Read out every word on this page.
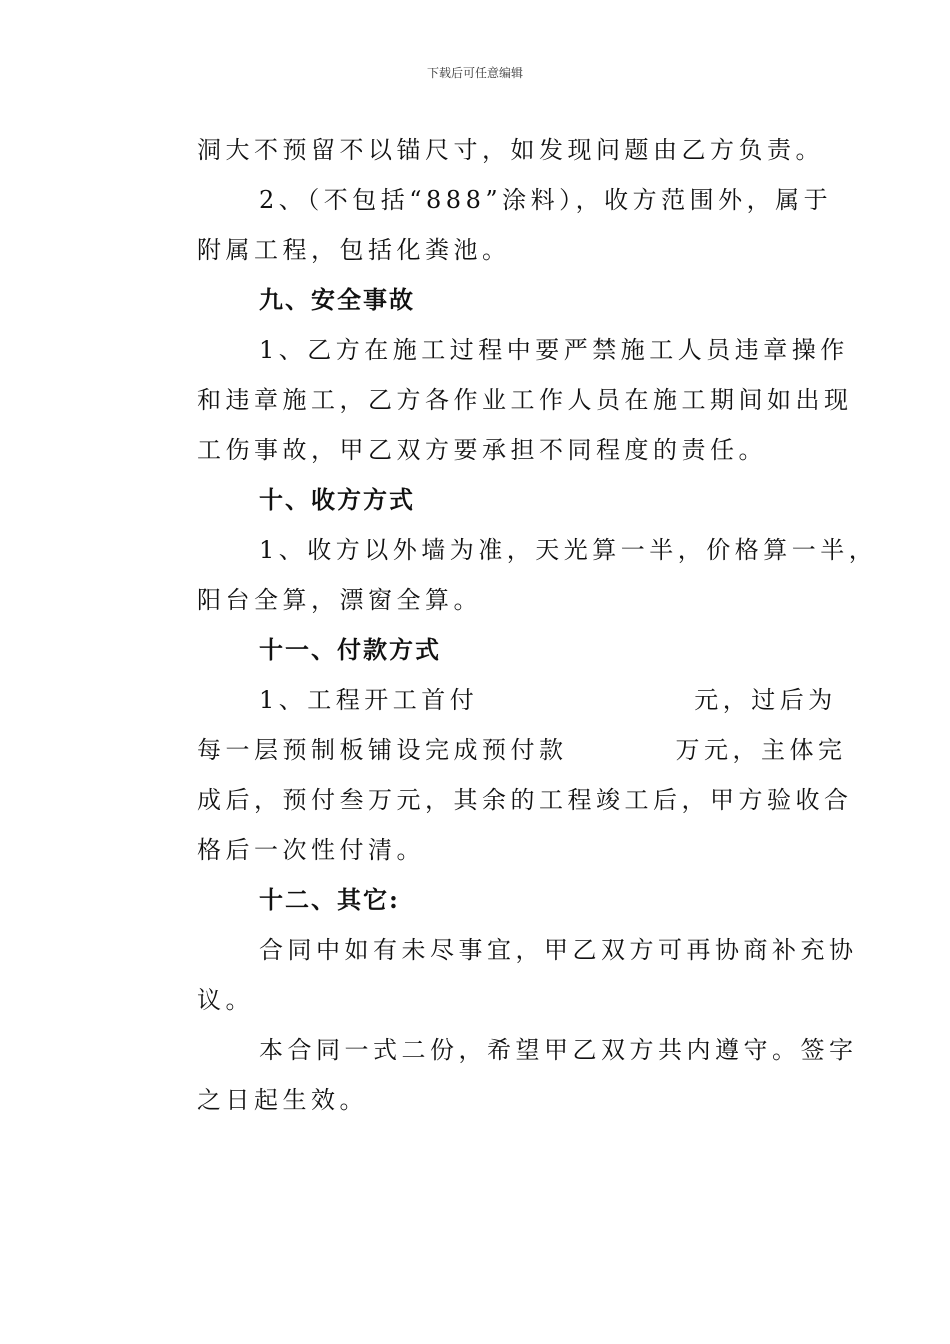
下载后可任意编辑
洞大不预留不以锚尺寸，如发现问题由乙方负责。
2、（不包括“888”涂料），收方范围外，属于
附属工程，包括化粪池。
九、安全事故
1、乙方在施工过程中要严禁施工人员违章操作
和违章施工，乙方各作业工作人员在施工期间如出现
工伤事故，甲乙双方要承担不同程度的责任。
十、收方方式
1、收方以外墙为准，天光算一半，价格算一半，
阳台全算，漂窗全算。
十一、付款方式
1、工程开工首付	元，过后为
每一层预制板铺设完成预付款	万元，主体完
成后，预付叁万元，其余的工程竣工后，甲方验收合
格后一次性付清。
十二、其它:
合同中如有未尽事宜，甲乙双方可再协商补充协
议。
本合同一式二份，希望甲乙双方共内遵守。签字
之日起生效。
